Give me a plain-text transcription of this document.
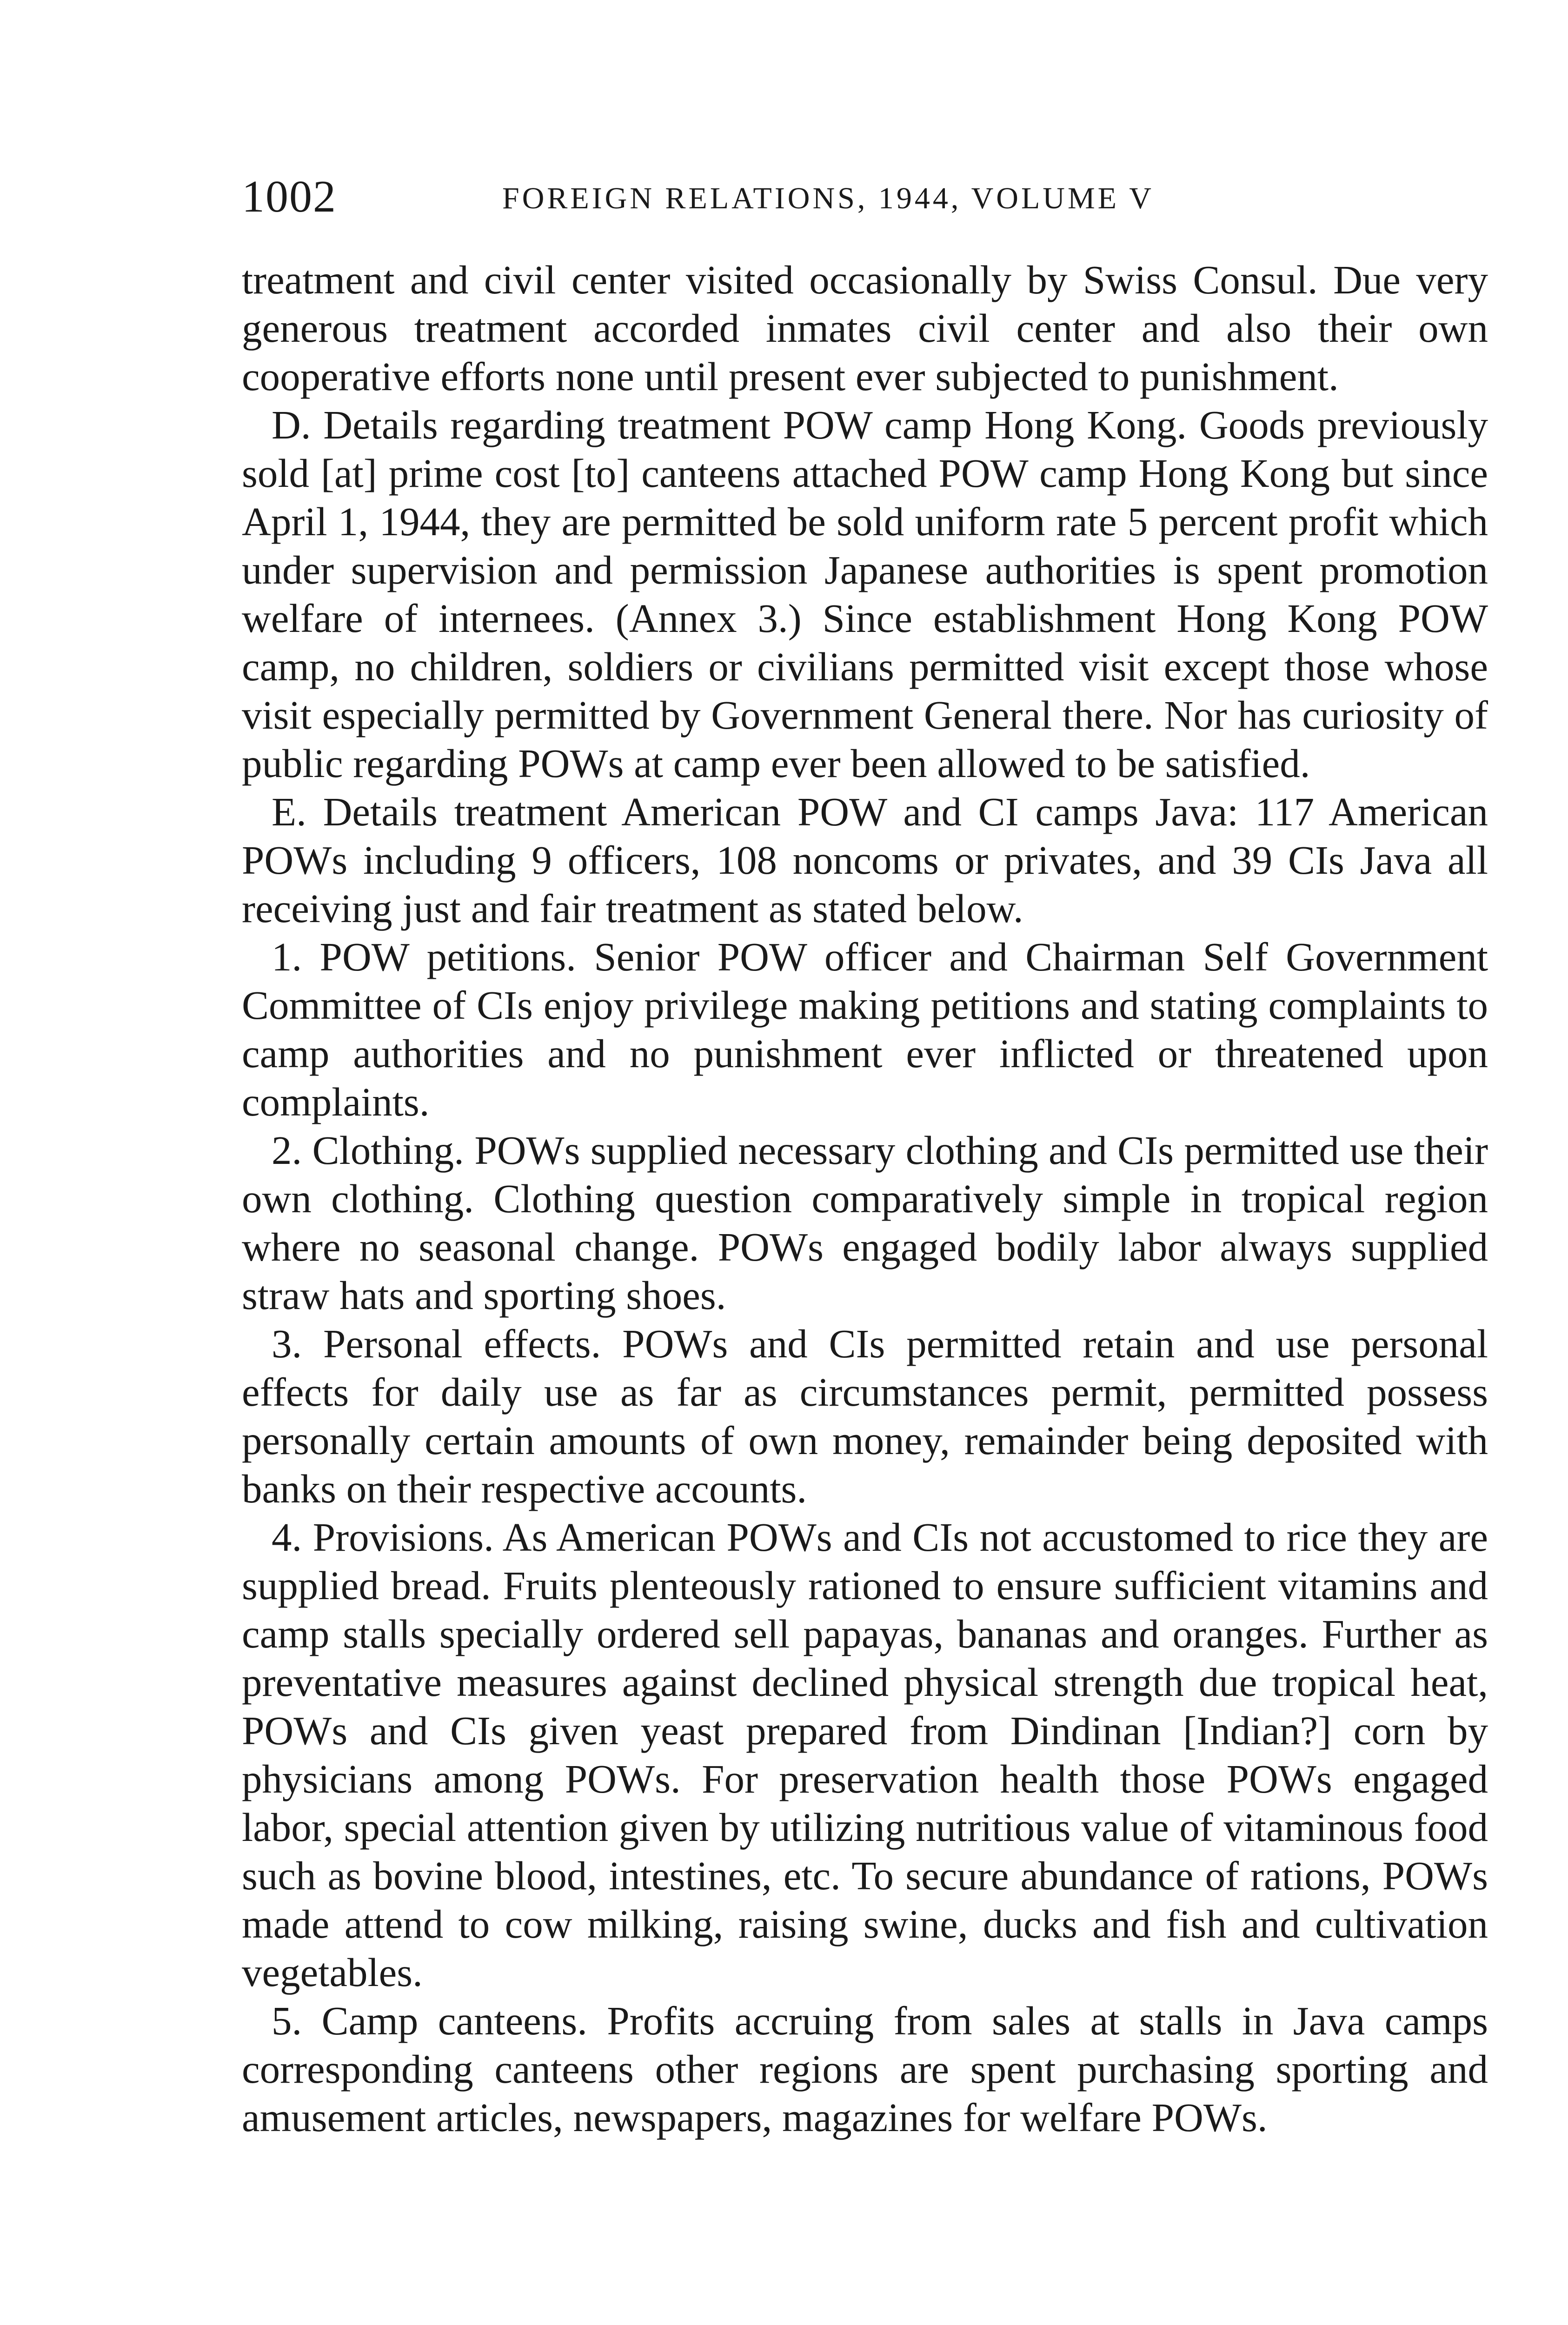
1002	FOREIGN RELATIONS, 1944, VOLUME V

treatment and civil center visited occasionally by Swiss Consul. Due very generous treatment accorded inmates civil center and also their own cooperative efforts none until present ever subjected to punishment.

D. Details regarding treatment POW camp Hong Kong. Goods previously sold [at] prime cost [to] canteens attached POW camp Hong Kong but since April 1, 1944, they are permitted be sold uniform rate 5 percent profit which under supervision and permission Japanese authorities is spent promotion welfare of internees. (Annex 3.) Since establishment Hong Kong POW camp, no children, soldiers or civilians permitted visit except those whose visit especially permitted by Government General there. Nor has curiosity of public regarding POWs at camp ever been allowed to be satisfied.

E. Details treatment American POW and CI camps Java: 117 American POWs including 9 officers, 108 noncoms or privates, and 39 CIs Java all receiving just and fair treatment as stated below.

1. POW petitions. Senior POW officer and Chairman Self Government Committee of CIs enjoy privilege making petitions and stating complaints to camp authorities and no punishment ever inflicted or threatened upon complaints.

2. Clothing. POWs supplied necessary clothing and CIs permitted use their own clothing. Clothing question comparatively simple in tropical region where no seasonal change. POWs engaged bodily labor always supplied straw hats and sporting shoes.

3. Personal effects. POWs and CIs permitted retain and use personal effects for daily use as far as circumstances permit, permitted possess personally certain amounts of own money, remainder being deposited with banks on their respective accounts.

4. Provisions. As American POWs and CIs not accustomed to rice they are supplied bread. Fruits plenteously rationed to ensure sufficient vitamins and camp stalls specially ordered sell papayas, bananas and oranges. Further as preventative measures against declined physical strength due tropical heat, POWs and CIs given yeast prepared from Dindinan [Indian?] corn by physicians among POWs. For preservation health those POWs engaged labor, special attention given by utilizing nutritious value of vitaminous food such as bovine blood, intestines, etc. To secure abundance of rations, POWs made attend to cow milking, raising swine, ducks and fish and cultivation vegetables.

5. Camp canteens. Profits accruing from sales at stalls in Java camps corresponding canteens other regions are spent purchasing sporting and amusement articles, newspapers, magazines for welfare POWs.
